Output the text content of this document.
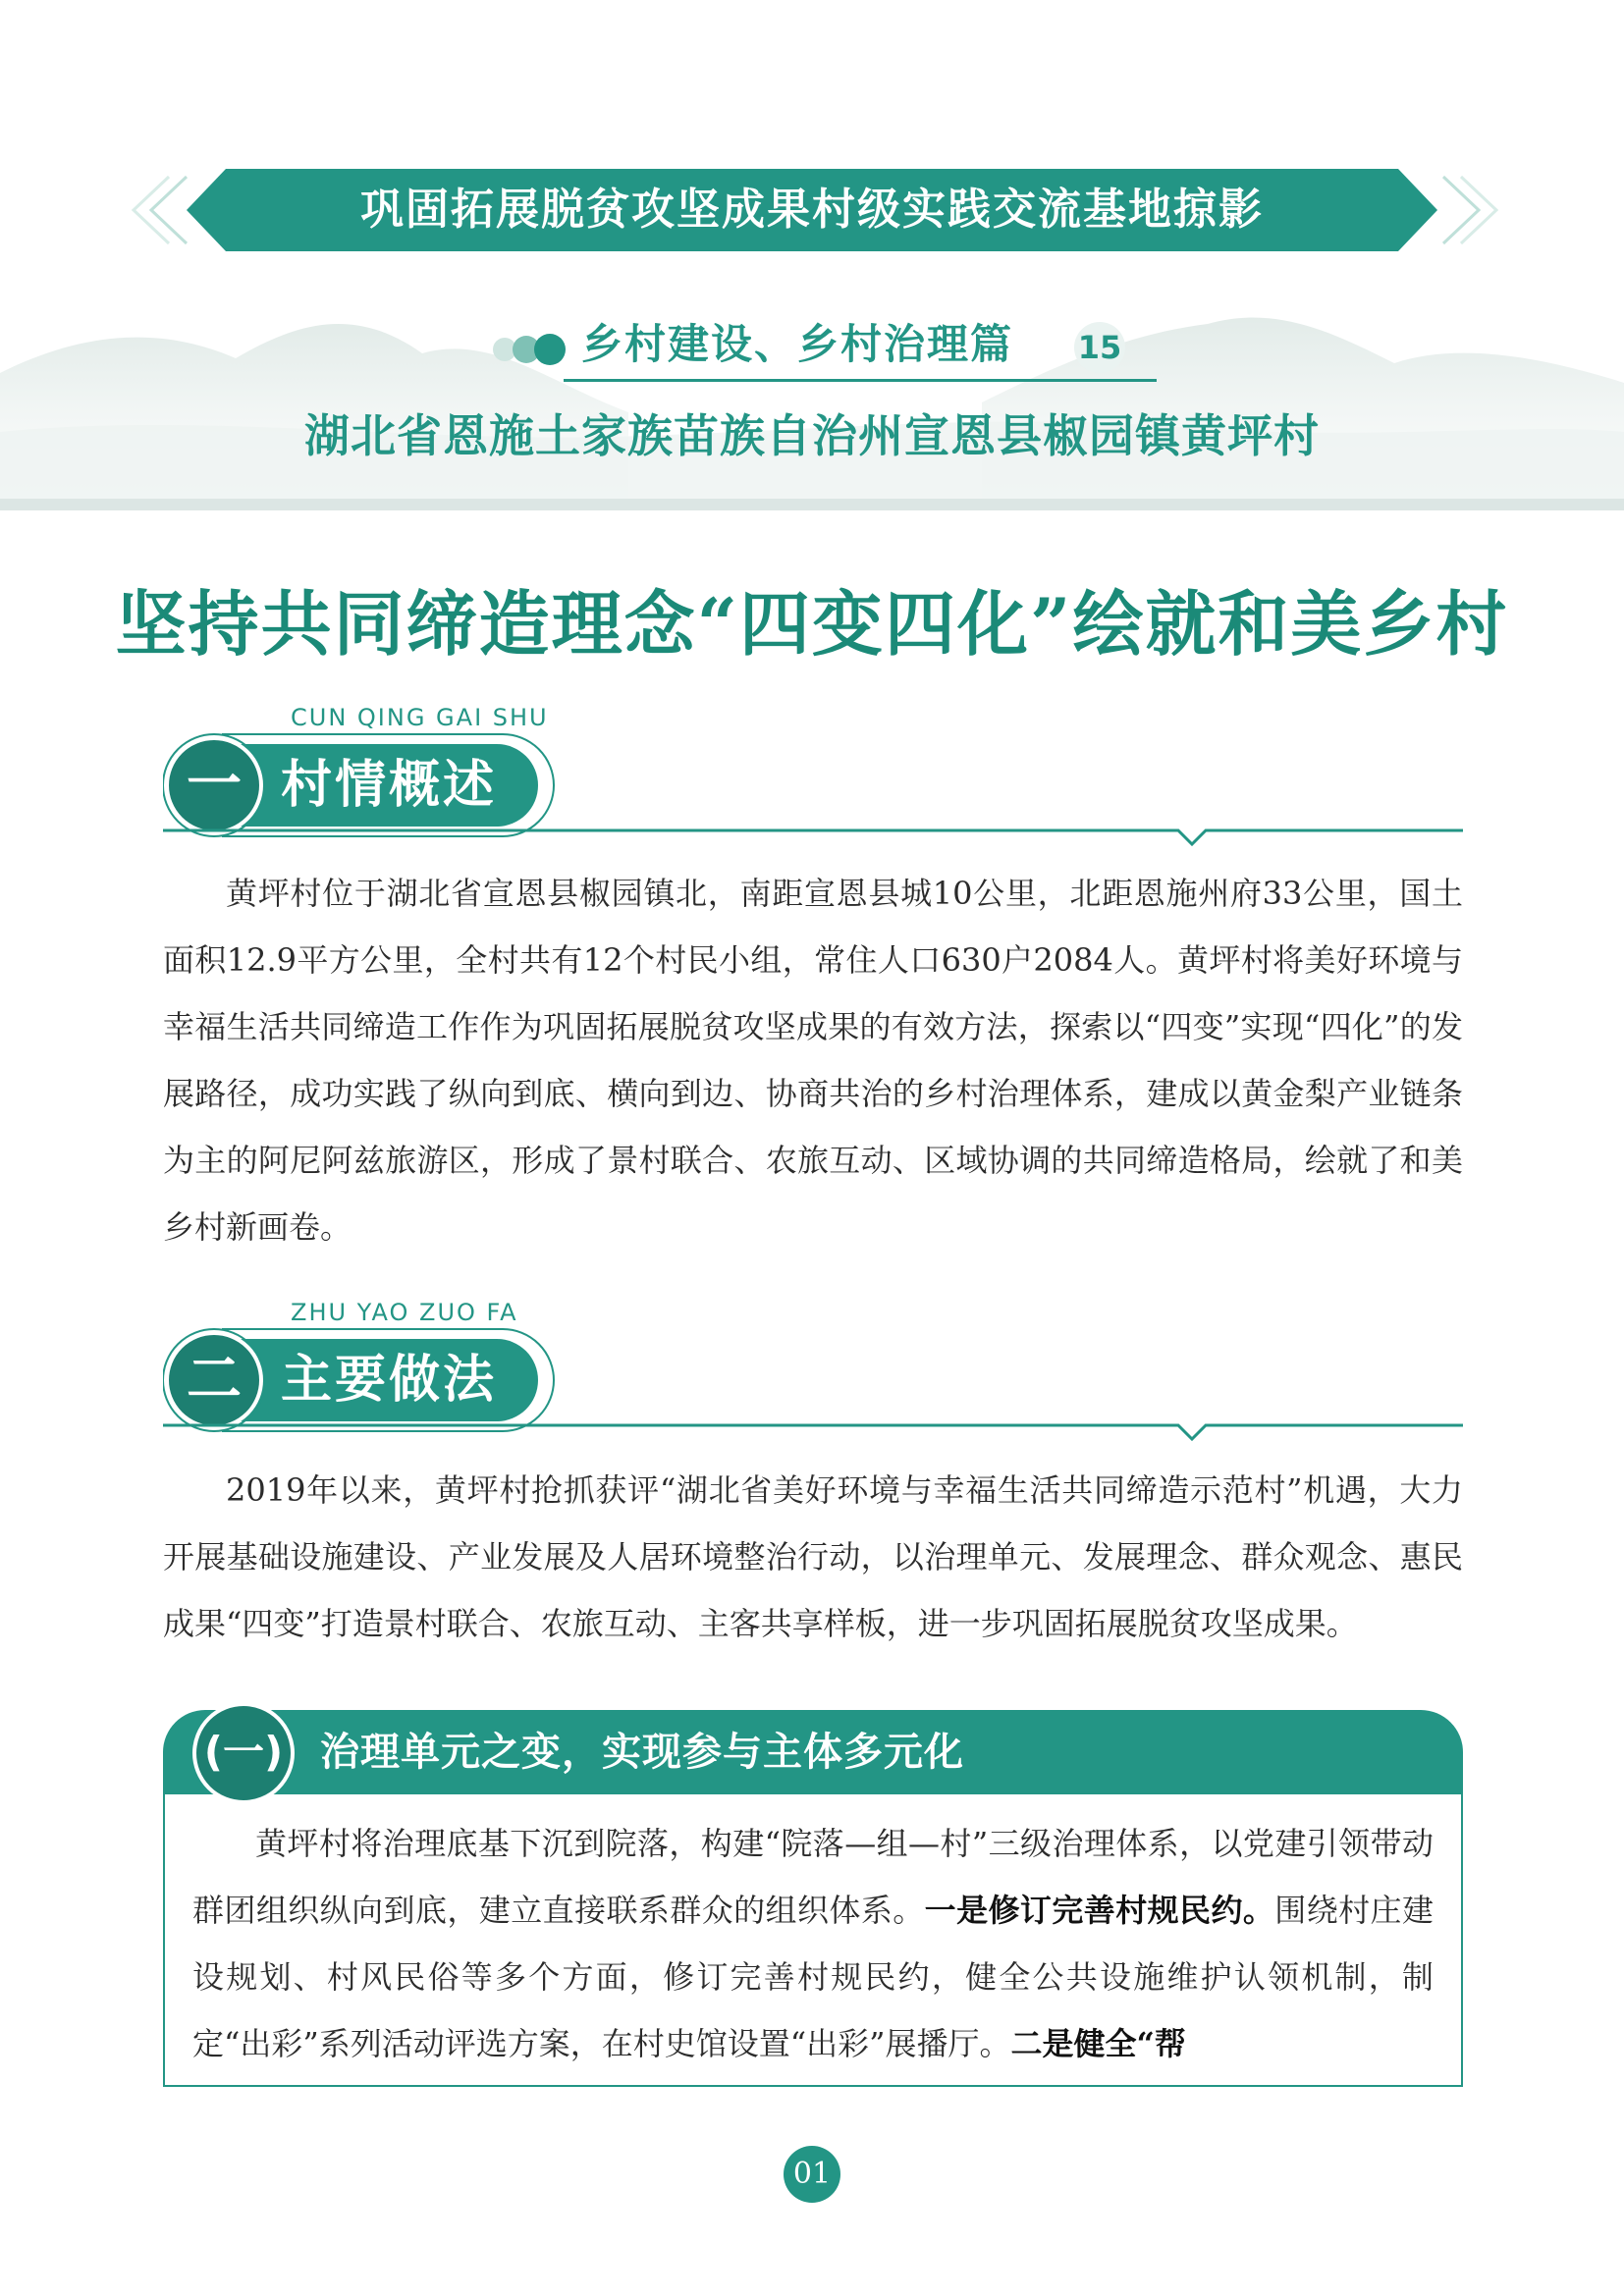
巩固拓展脱贫攻坚成果村级实践交流基地掠影
乡村建设、乡村治理篇 15
湖北省恩施土家族苗族自治州宣恩县椒园镇黄坪村
坚持共同缔造理念“四变四化”绘就和美乡村
CUN QING GAI SHU
一 村情概述

黄坪村位于湖北省宣恩县椒园镇北，南距宣恩县城10公里，北距恩施州府33公里，国土面积12.9平方公里，全村共有12个村民小组，常住人口630户2084人。黄坪村将美好环境与幸福生活共同缔造工作作为巩固拓展脱贫攻坚成果的有效方法，探索以“四变”实现“四化”的发展路径，成功实践了纵向到底、横向到边、协商共治的乡村治理体系，建成以黄金梨产业链条为主的阿尼阿兹旅游区，形成了景村联合、农旅互动、区域协调的共同缔造格局，绘就了和美乡村新画卷。

ZHU YAO ZUO FA
二 主要做法

2019年以来，黄坪村抢抓获评“湖北省美好环境与幸福生活共同缔造示范村”机遇，大力开展基础设施建设、产业发展及人居环境整治行动，以治理单元、发展理念、群众观念、惠民成果“四变”打造景村联合、农旅互动、主客共享样板，进一步巩固拓展脱贫攻坚成果。

(一) 治理单元之变，实现参与主体多元化

黄坪村将治理底基下沉到院落，构建“院落—组—村”三级治理体系，以党建引领带动群团组织纵向到底，建立直接联系群众的组织体系。一是修订完善村规民约。围绕村庄建设规划、村风民俗等多个方面，修订完善村规民约，健全公共设施维护认领机制，制定“出彩”系列活动评选方案，在村史馆设置“出彩”展播厅。二是健全“帮

01
